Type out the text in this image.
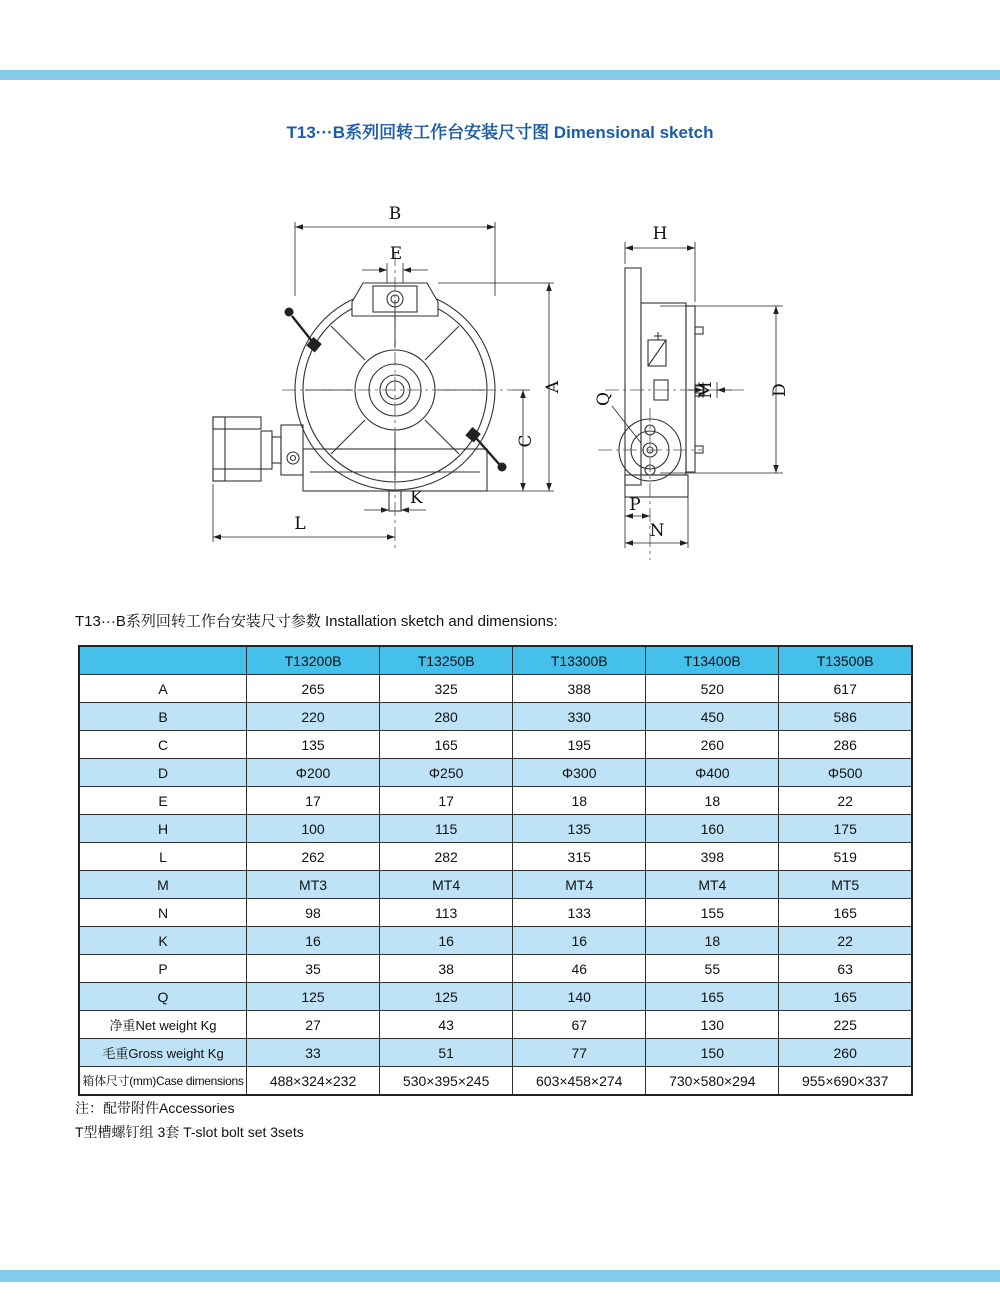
T13···B系列回转工作台安装尺寸图 Dimensional sketch
B
E
A
C
K
L
H
D
M
Q
P
N
T13···B系列回转工作台安装尺寸参数 Installation sketch and dimensions:
	T13200B	T13250B	T13300B	T13400B	T13500B
A	265	325	388	520	617
B	220	280	330	450	586
C	135	165	195	260	286
D	Φ200	Φ250	Φ300	Φ400	Φ500
E	17	17	18	18	22
H	100	115	135	160	175
L	262	282	315	398	519
M	MT3	MT4	MT4	MT4	MT5
N	98	113	133	155	165
K	16	16	16	18	22
P	35	38	46	55	63
Q	125	125	140	165	165
净重Net weight Kg	27	43	67	130	225
毛重Gross weight Kg	33	51	77	150	260
箱体尺寸(mm)Case dimensions	488×324×232	530×395×245	603×458×274	730×580×294	955×690×337
注：配带附件Accessories
T型槽螺钉组 3套 T-slot bolt set 3sets
